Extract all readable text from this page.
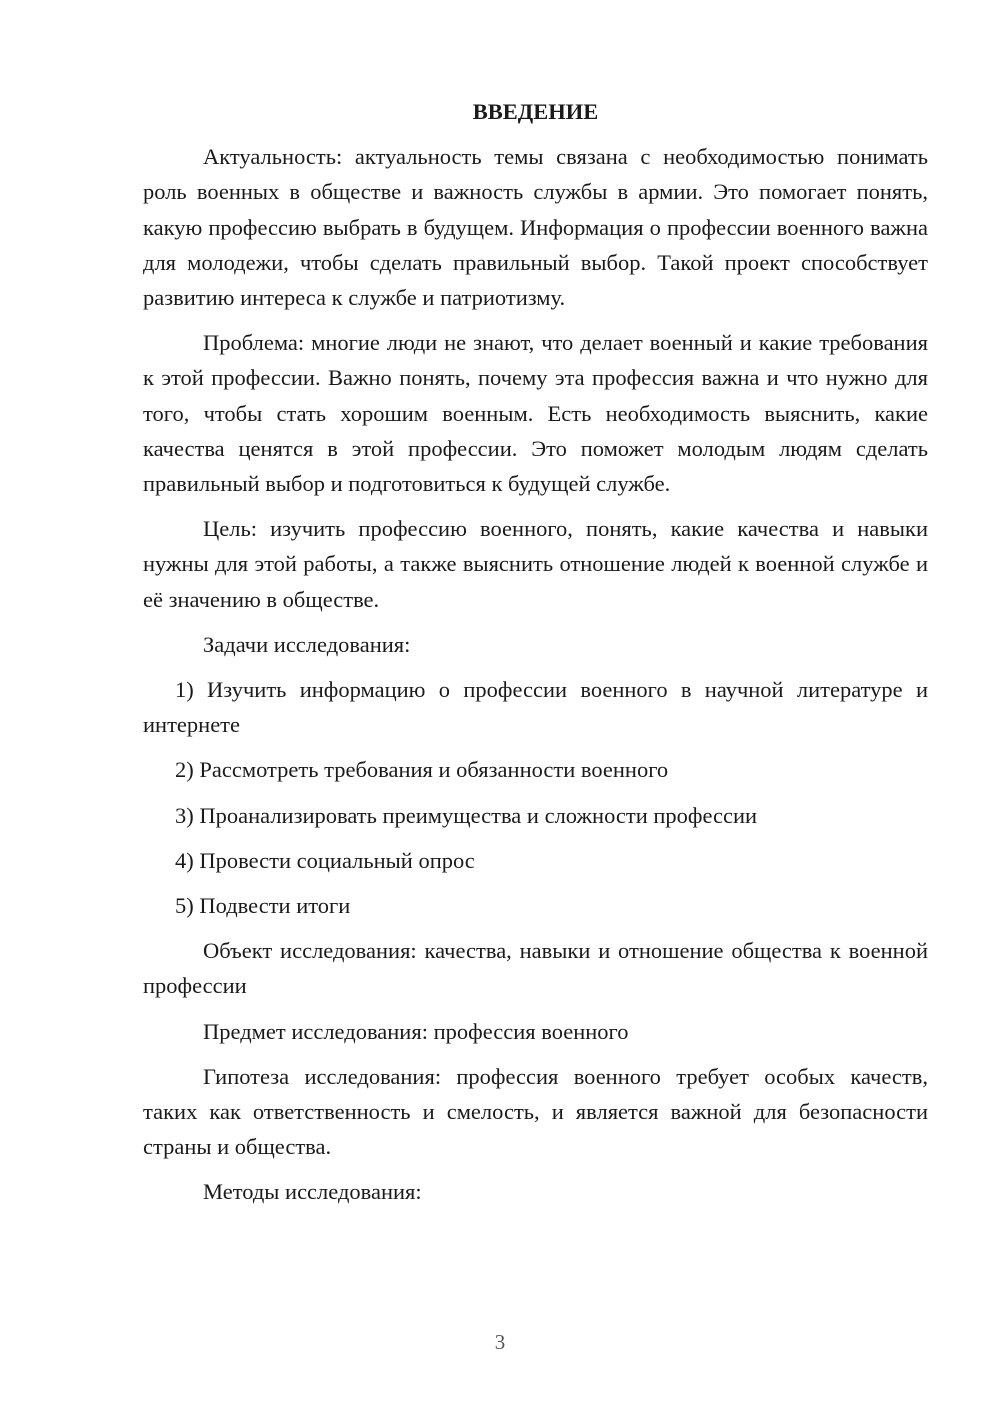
ВВЕДЕНИЕ

Актуальность: актуальность темы связана с необходимостью понимать роль военных в обществе и важность службы в армии. Это помогает понять, какую профессию выбрать в будущем. Информация о профессии военного важна для молодежи, чтобы сделать правильный выбор. Такой проект способствует развитию интереса к службе и патриотизму.

Проблема: многие люди не знают, что делает военный и какие требования к этой профессии. Важно понять, почему эта профессия важна и что нужно для того, чтобы стать хорошим военным. Есть необходимость выяснить, какие качества ценятся в этой профессии. Это поможет молодым людям сделать правильный выбор и подготовиться к будущей службе.

Цель: изучить профессию военного, понять, какие качества и навыки нужны для этой работы, а также выяснить отношение людей к военной службе и её значению в обществе.

Задачи исследования:

1) Изучить информацию о профессии военного в научной литературе и интернете

2) Рассмотреть требования и обязанности военного

3) Проанализировать преимущества и сложности профессии

4) Провести социальный опрос

5) Подвести итоги

Объект исследования: качества, навыки и отношение общества к военной профессии

Предмет исследования: профессия военного

Гипотеза исследования: профессия военного требует особых качеств, таких как ответственность и смелость, и является важной для безопасности страны и общества.

Методы исследования:

3
